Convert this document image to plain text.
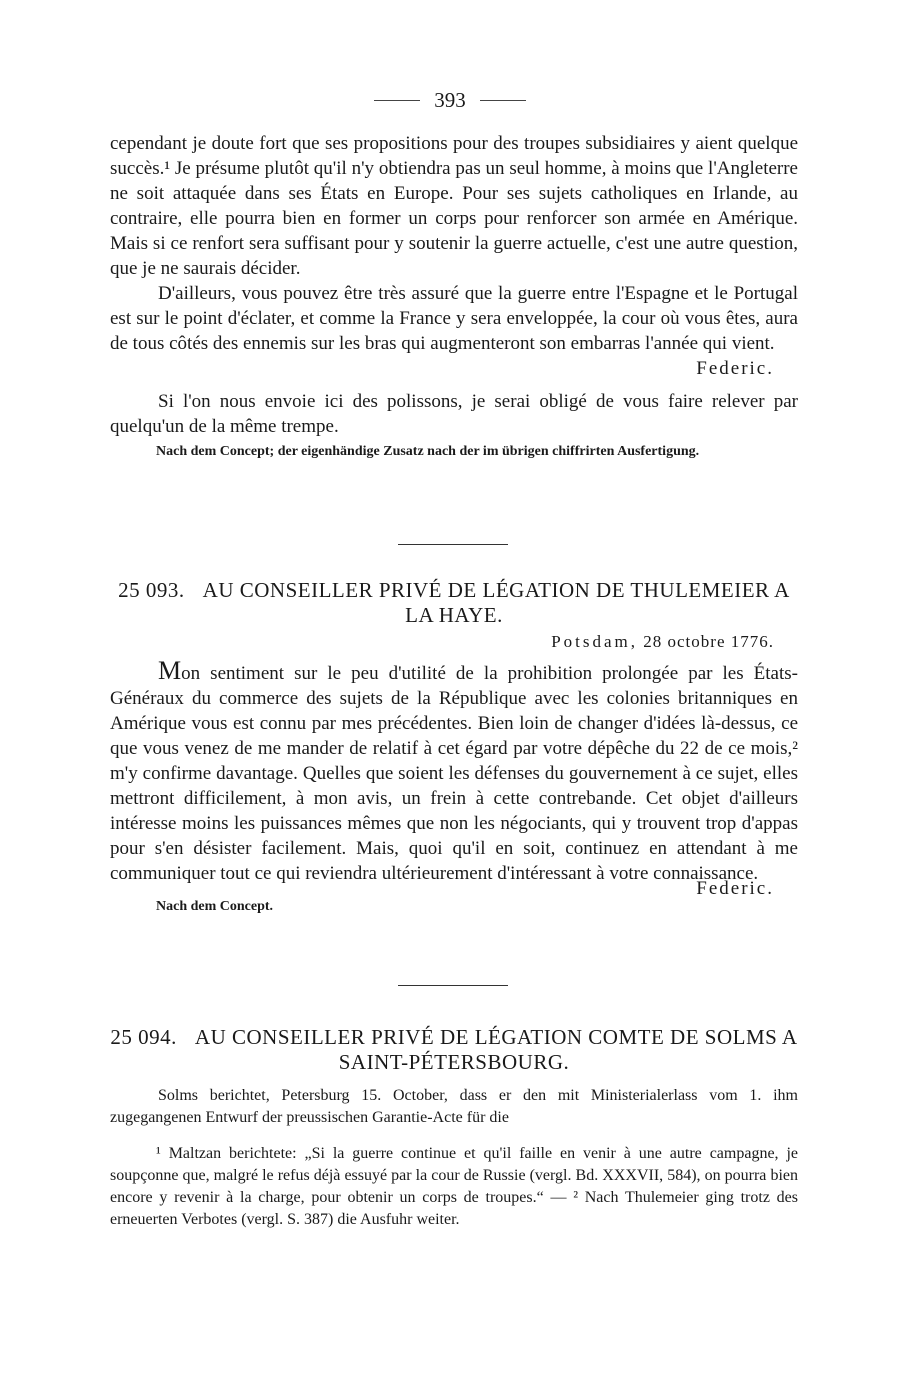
393

cependant je doute fort que ses propositions pour des troupes subsidiaires y aient quelque succès.¹ Je présume plutôt qu'il n'y obtiendra pas un seul homme, à moins que l'Angleterre ne soit attaquée dans ses États en Europe. Pour ses sujets catholiques en Irlande, au contraire, elle pourra bien en former un corps pour renforcer son armée en Amérique. Mais si ce renfort sera suffisant pour y soutenir la guerre actuelle, c'est une autre question, que je ne saurais décider.

D'ailleurs, vous pouvez être très assuré que la guerre entre l'Espagne et le Portugal est sur le point d'éclater, et comme la France y sera enveloppée, la cour où vous êtes, aura de tous côtés des ennemis sur les bras qui augmenteront son embarras l'année qui vient.

Federic.

Si l'on nous envoie ici des polissons, je serai obligé de vous faire relever par quelqu'un de la même trempe.

Nach dem Concept; der eigenhändige Zusatz nach der im übrigen chiffrirten Ausfertigung.

25 093. AU CONSEILLER PRIVÉ DE LÉGATION DE THULEMEIER A LA HAYE.

Potsdam, 28 octobre 1776.

Mon sentiment sur le peu d'utilité de la prohibition prolongée par les États-Généraux du commerce des sujets de la République avec les colonies britanniques en Amérique vous est connu par mes précédentes. Bien loin de changer d'idées là-dessus, ce que vous venez de me mander de relatif à cet égard par votre dépêche du 22 de ce mois,² m'y confirme davantage. Quelles que soient les défenses du gouvernement à ce sujet, elles mettront difficilement, à mon avis, un frein à cette contrebande. Cet objet d'ailleurs intéresse moins les puissances mêmes que non les négociants, qui y trouvent trop d'appas pour s'en désister facilement. Mais, quoi qu'il en soit, continuez en attendant à me communiquer tout ce qui reviendra ultérieurement d'intéressant à votre connaissance.

Federic.

Nach dem Concept.

25 094. AU CONSEILLER PRIVÉ DE LÉGATION COMTE DE SOLMS A SAINT-PÉTERSBOURG.

Solms berichtet, Petersburg 15. October, dass er den mit Ministerialerlass vom 1. ihm zugegangenen Entwurf der preussischen Garantie-Acte für die

¹ Maltzan berichtete: „Si la guerre continue et qu'il faille en venir à une autre campagne, je soupçonne que, malgré le refus déjà essuyé par la cour de Russie (vergl. Bd. XXXVII, 584), on pourra bien encore y revenir à la charge, pour obtenir un corps de troupes.“ — ² Nach Thulemeier ging trotz des erneuerten Verbotes (vergl. S. 387) die Ausfuhr weiter.
